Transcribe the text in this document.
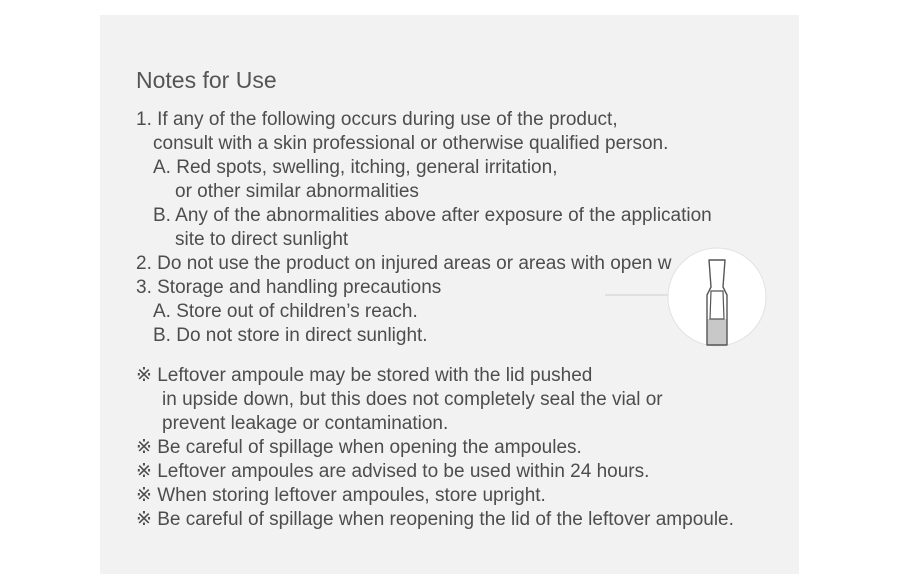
Notes for Use
1. If any of the following occurs during use of the product,
consult with a skin professional or otherwise qualified person.
A. Red spots, swelling, itching, general irritation,
or other similar abnormalities
B. Any of the abnormalities above after exposure of the application
site to direct sunlight
2. Do not use the product on injured areas or areas with open w
3. Storage and handling precautions
A. Store out of children’s reach.
B. Do not store in direct sunlight.
※ Leftover ampoule may be stored with the lid pushed
in upside down, but this does not completely seal the vial or
prevent leakage or contamination.
※ Be careful of spillage when opening the ampoules.
※ Leftover ampoules are advised to be used within 24 hours.
※ When storing leftover ampoules, store upright.
※ Be careful of spillage when reopening the lid of the leftover ampoule.
